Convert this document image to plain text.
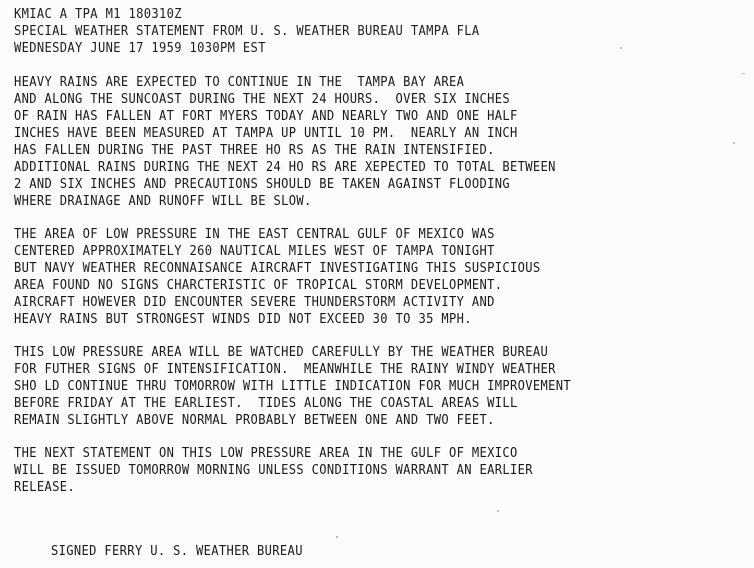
KMIAC A TPA M1 180310Z

SPECIAL WEATHER STATEMENT FROM U. S. WEATHER BUREAU TAMPA FLA

WEDNESDAY JUNE 17 1959 1030PM EST

HEAVY RAINS ARE EXPECTED TO CONTINUE IN THE  TAMPA BAY AREA

AND ALONG THE SUNCOAST DURING THE NEXT 24 HOURS.  OVER SIX INCHES

OF RAIN HAS FALLEN AT FORT MYERS TODAY AND NEARLY TWO AND ONE HALF

INCHES HAVE BEEN MEASURED AT TAMPA UP UNTIL 10 PM.  NEARLY AN INCH

HAS FALLEN DURING THE PAST THREE HO RS AS THE RAIN INTENSIFIED.

ADDITIONAL RAINS DURING THE NEXT 24 HO RS ARE XEPECTED TO TOTAL BETWEEN

2 AND SIX INCHES AND PRECAUTIONS SHOULD BE TAKEN AGAINST FLOODING

WHERE DRAINAGE AND RUNOFF WILL BE SLOW.

THE AREA OF LOW PRESSURE IN THE EAST CENTRAL GULF OF MEXICO WAS

CENTERED APPROXIMATELY 260 NAUTICAL MILES WEST OF TAMPA TONIGHT

BUT NAVY WEATHER RECONNAISANCE AIRCRAFT INVESTIGATING THIS SUSPICIOUS

AREA FOUND NO SIGNS CHARCTERISTIC OF TROPICAL STORM DEVELOPMENT.

AIRCRAFT HOWEVER DID ENCOUNTER SEVERE THUNDERSTORM ACTIVITY AND

HEAVY RAINS BUT STRONGEST WINDS DID NOT EXCEED 30 TO 35 MPH.

THIS LOW PRESSURE AREA WILL BE WATCHED CAREFULLY BY THE WEATHER BUREAU

FOR FUTHER SIGNS OF INTENSIFICATION.  MEANWHILE THE RAINY WINDY WEATHER

SHO LD CONTINUE THRU TOMORROW WITH LITTLE INDICATION FOR MUCH IMPROVEMENT

BEFORE FRIDAY AT THE EARLIEST.  TIDES ALONG THE COASTAL AREAS WILL

REMAIN SLIGHTLY ABOVE NORMAL PROBABLY BETWEEN ONE AND TWO FEET.

THE NEXT STATEMENT ON THIS LOW PRESSURE AREA IN THE GULF OF MEXICO

WILL BE ISSUED TOMORROW MORNING UNLESS CONDITIONS WARRANT AN EARLIER

RELEASE.

SIGNED FERRY U. S. WEATHER BUREAU
